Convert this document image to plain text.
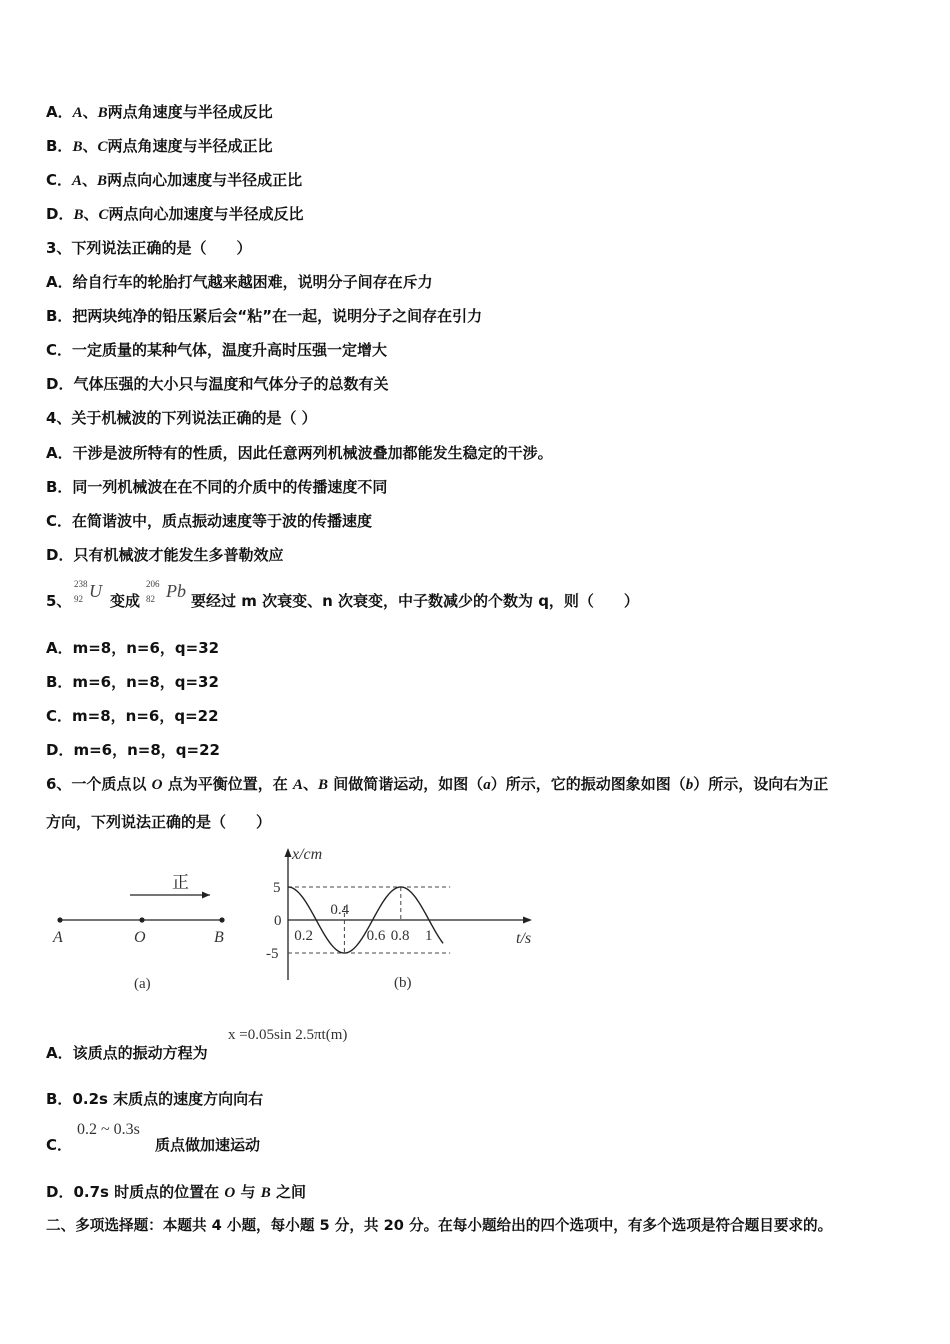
A．A、B两点角速度与半径成反比
B．B、C两点角速度与半径成正比
C．A、B两点向心加速度与半径成正比
D．B、C两点向心加速度与半径成反比
3、下列说法正确的是（　　）
A．给自行车的轮胎打气越来越困难，说明分子间存在斥力
B．把两块纯净的铅压紧后会“粘”在一起，说明分子之间存在引力
C．一定质量的某种气体，温度升高时压强一定增大
D．气体压强的大小只与温度和气体分子的总数有关
4、关于机械波的下列说法正确的是（ ）
A．干涉是波所特有的性质，因此任意两列机械波叠加都能发生稳定的干涉。
B．同一列机械波在在不同的介质中的传播速度不同
C．在简谐波中，质点振动速度等于波的传播速度
D．只有机械波才能发生多普勒效应
5、
238
92 U 变成
206
82 Pb 要经过 m 次衰变、n 次衰变，中子数减少的个数为 q，则（　　）
A．m=8，n=6，q=32
B．m=6，n=8，q=32
C．m=8，n=6，q=22
D．m=6，n=8，q=22
6、一个质点以 O 点为平衡位置，在 A、B 间做简谐运动，如图（a）所示，它的振动图象如图（b）所示，设向右为正
方向，下列说法正确的是（　　）
正
A	O	B
(a)
x/cm
t/s
5
0
-5
0.2
0.4
0.6 0.8 1
(b)
A．该质点的振动方程为
x =0.05sin 2.5πt(m)
B．0.2s 末质点的速度方向向右
C．
0.2 ~ 0.3s
质点做加速运动
D．0.7s 时质点的位置在 O 与 B 之间
二、多项选择题：本题共 4 小题，每小题 5 分，共 20 分。在每小题给出的四个选项中，有多个选项是符合题目要求的。
